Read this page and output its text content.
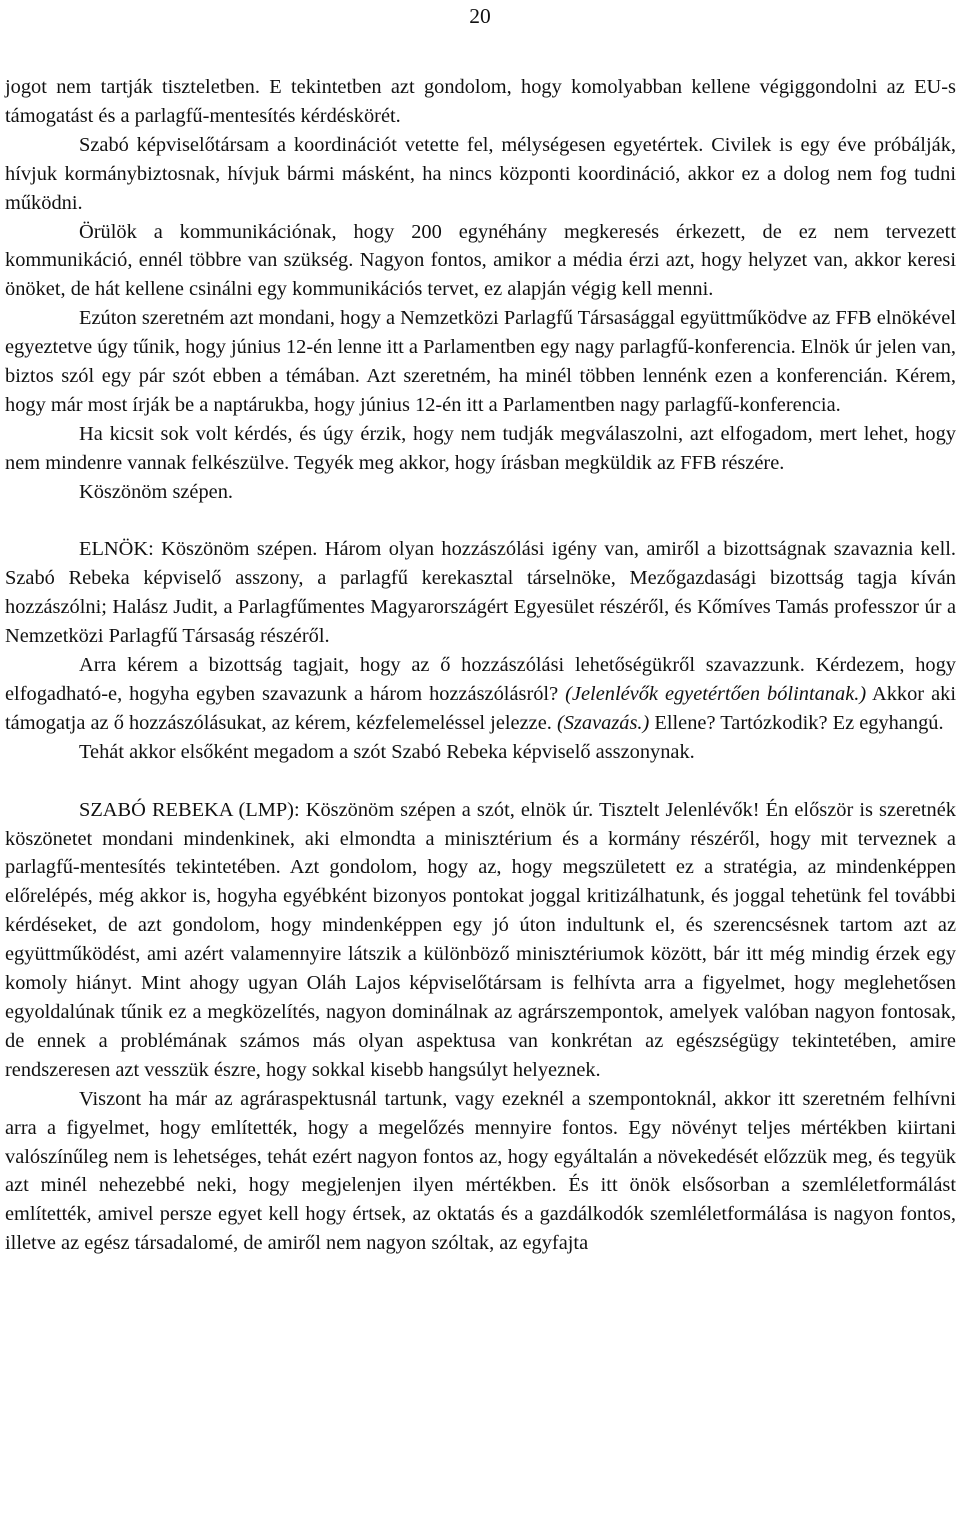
20

jogot nem tartják tiszteletben. E tekintetben azt gondolom, hogy komolyabban kellene végiggondolni az EU-s támogatást és a parlagfű-mentesítés kérdéskörét.

Szabó képviselőtársam a koordinációt vetette fel, mélységesen egyetértek. Civilek is egy éve próbálják, hívjuk kormánybiztosnak, hívjuk bármi másként, ha nincs központi koordináció, akkor ez a dolog nem fog tudni működni.

Örülök a kommunikációnak, hogy 200 egynéhány megkeresés érkezett, de ez nem tervezett kommunikáció, ennél többre van szükség. Nagyon fontos, amikor a média érzi azt, hogy helyzet van, akkor keresi önöket, de hát kellene csinálni egy kommunikációs tervet, ez alapján végig kell menni.

Ezúton szeretném azt mondani, hogy a Nemzetközi Parlagfű Társasággal együttműködve az FFB elnökével egyeztetve úgy tűnik, hogy június 12-én lenne itt a Parlamentben egy nagy parlagfű-konferencia. Elnök úr jelen van, biztos szól egy pár szót ebben a témában. Azt szeretném, ha minél többen lennénk ezen a konferencián. Kérem, hogy már most írják be a naptárukba, hogy június 12-én itt a Parlamentben nagy parlagfű-konferencia.

Ha kicsit sok volt kérdés, és úgy érzik, hogy nem tudják megválaszolni, azt elfogadom, mert lehet, hogy nem mindenre vannak felkészülve. Tegyék meg akkor, hogy írásban megküldik az FFB részére.

Köszönöm szépen.

ELNÖK: Köszönöm szépen. Három olyan hozzászólási igény van, amiről a bizottságnak szavaznia kell. Szabó Rebeka képviselő asszony, a parlagfű kerekasztal társelnöke, Mezőgazdasági bizottság tagja kíván hozzászólni; Halász Judit, a Parlagfűmentes Magyarországért Egyesület részéről, és Kőmíves Tamás professzor úr a Nemzetközi Parlagfű Társaság részéről.

Arra kérem a bizottság tagjait, hogy az ő hozzászólási lehetőségükről szavazzunk. Kérdezem, hogy elfogadható-e, hogyha egyben szavazunk a három hozzászólásról? (Jelenlévők egyetértően bólintanak.) Akkor aki támogatja az ő hozzászólásukat, az kérem, kézfelemeléssel jelezze. (Szavazás.) Ellene? Tartózkodik? Ez egyhangú.

Tehát akkor elsőként megadom a szót Szabó Rebeka képviselő asszonynak.

SZABÓ REBEKA (LMP): Köszönöm szépen a szót, elnök úr. Tisztelt Jelenlévők! Én először is szeretnék köszönetet mondani mindenkinek, aki elmondta a minisztérium és a kormány részéről, hogy mit terveznek a parlagfű-mentesítés tekintetében. Azt gondolom, hogy az, hogy megszületett ez a stratégia, az mindenképpen előrelépés, még akkor is, hogyha egyébként bizonyos pontokat joggal kritizálhatunk, és joggal tehetünk fel további kérdéseket, de azt gondolom, hogy mindenképpen egy jó úton indultunk el, és szerencsésnek tartom azt az együttműködést, ami azért valamennyire látszik a különböző minisztériumok között, bár itt még mindig érzek egy komoly hiányt. Mint ahogy ugyan Oláh Lajos képviselőtársam is felhívta arra a figyelmet, hogy meglehetősen egyoldalúnak tűnik ez a megközelítés, nagyon dominálnak az agrárszempontok, amelyek valóban nagyon fontosak, de ennek a problémának számos más olyan aspektusa van konkrétan az egészségügy tekintetében, amire rendszeresen azt vesszük észre, hogy sokkal kisebb hangsúlyt helyeznek.

Viszont ha már az agráraspektusnál tartunk, vagy ezeknél a szempontoknál, akkor itt szeretném felhívni arra a figyelmet, hogy említették, hogy a megelőzés mennyire fontos. Egy növényt teljes mértékben kiirtani valószínűleg nem is lehetséges, tehát ezért nagyon fontos az, hogy egyáltalán a növekedését előzzük meg, és tegyük azt minél nehezebbé neki, hogy megjelenjen ilyen mértékben. És itt önök elsősorban a szemléletformálást említették, amivel persze egyet kell hogy értsek, az oktatás és a gazdálkodók szemléletformálása is nagyon fontos, illetve az egész társadalomé, de amiről nem nagyon szóltak, az egyfajta
